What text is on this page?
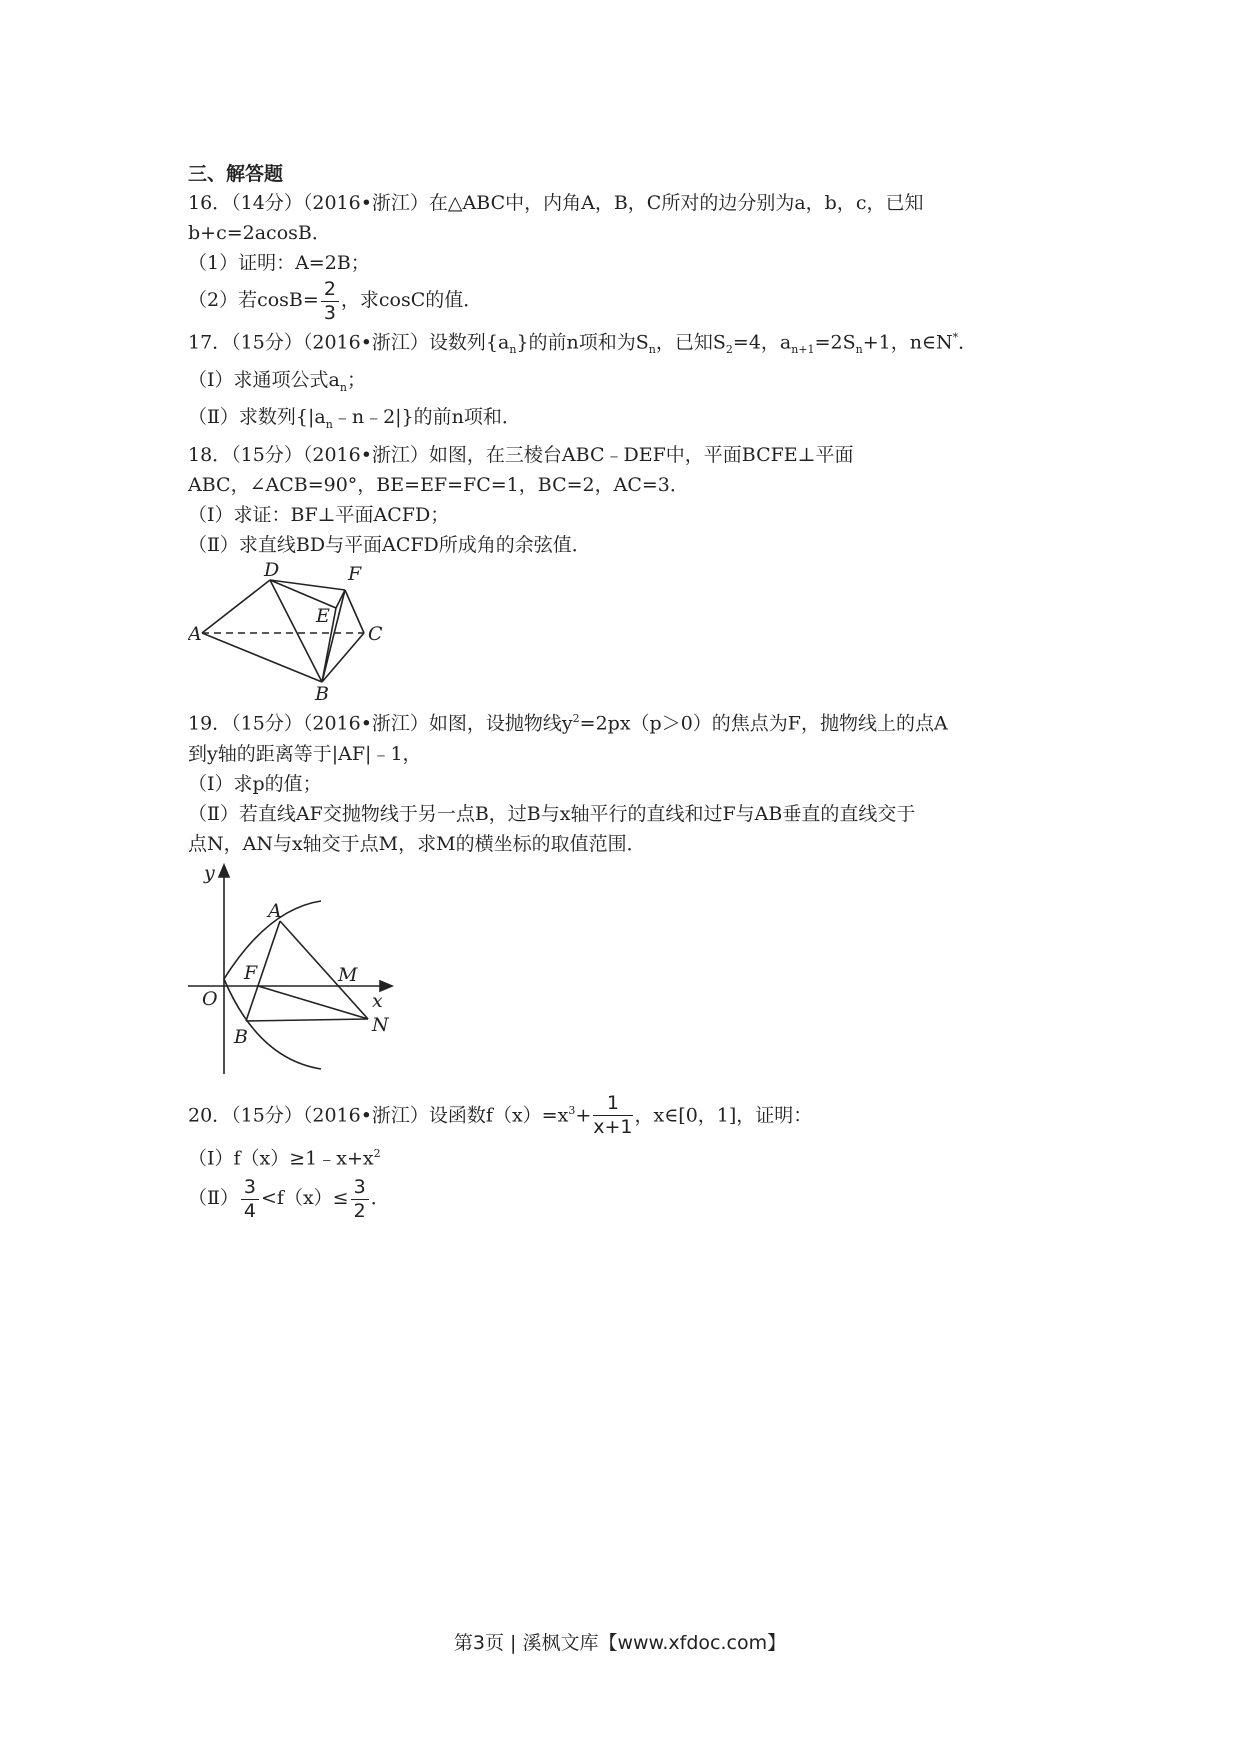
三、解答题
16．（14分）（2016•浙江）在△ABC中，内角A，B，C所对的边分别为a，b，c，已知
b+c=2acosB．
（1）证明：A=2B；
（2）若$\cos B= \frac{2}{3}$ ，求cosC的值．
17．（15分）（2016•浙江）设数列$\{a_n\}$的前n项和为$S_n$，已知$S_2=4$，$a_{n+1}=2S_n+1$，n∈N*．
（Ⅰ）求通项公式$a_n$；
（Ⅱ）求数列$\{|a_n﹣n﹣2|\}$的前n项和．
18．（15分）（2016•浙江）如图，在三棱台ABC﹣DEF中，平面BCFE⊥平面
ABC，∠ACB=90°，BE=EF=FC=1，BC=2，AC=3．
（Ⅰ）求证：BF⊥平面ACFD；
（Ⅱ）求直线BD与平面ACFD所成角的余弦值．
A
D	F
E
C
B
19．（15分）（2016•浙江）如图，设抛物线$y^2=2px(p>0)$的焦点为F，抛物线上的点A
到y轴的距离等于|AF|﹣1，
（Ⅰ）求p的值；
（Ⅱ）若直线AF交抛物线于另一点B，过B与x轴平行的直线和过F与AB垂直的直线交于
点N，AN与x轴交于点M，求M的横坐标的取值范围．
y
x
O
A
F	M
N
B
20．（15分）（2016•浙江）设函数$f(x)=x^3+ \frac{1}{x+1}$ ，x∈[0，1]，证明：
$(Ⅰ)f(x)\ge 1﹣x+x^2$
（Ⅱ） $\frac{3}{4} <f(x)\le \frac{3}{2}$ ．
第3页 | 溪枫文库【www.xfdoc.com】
